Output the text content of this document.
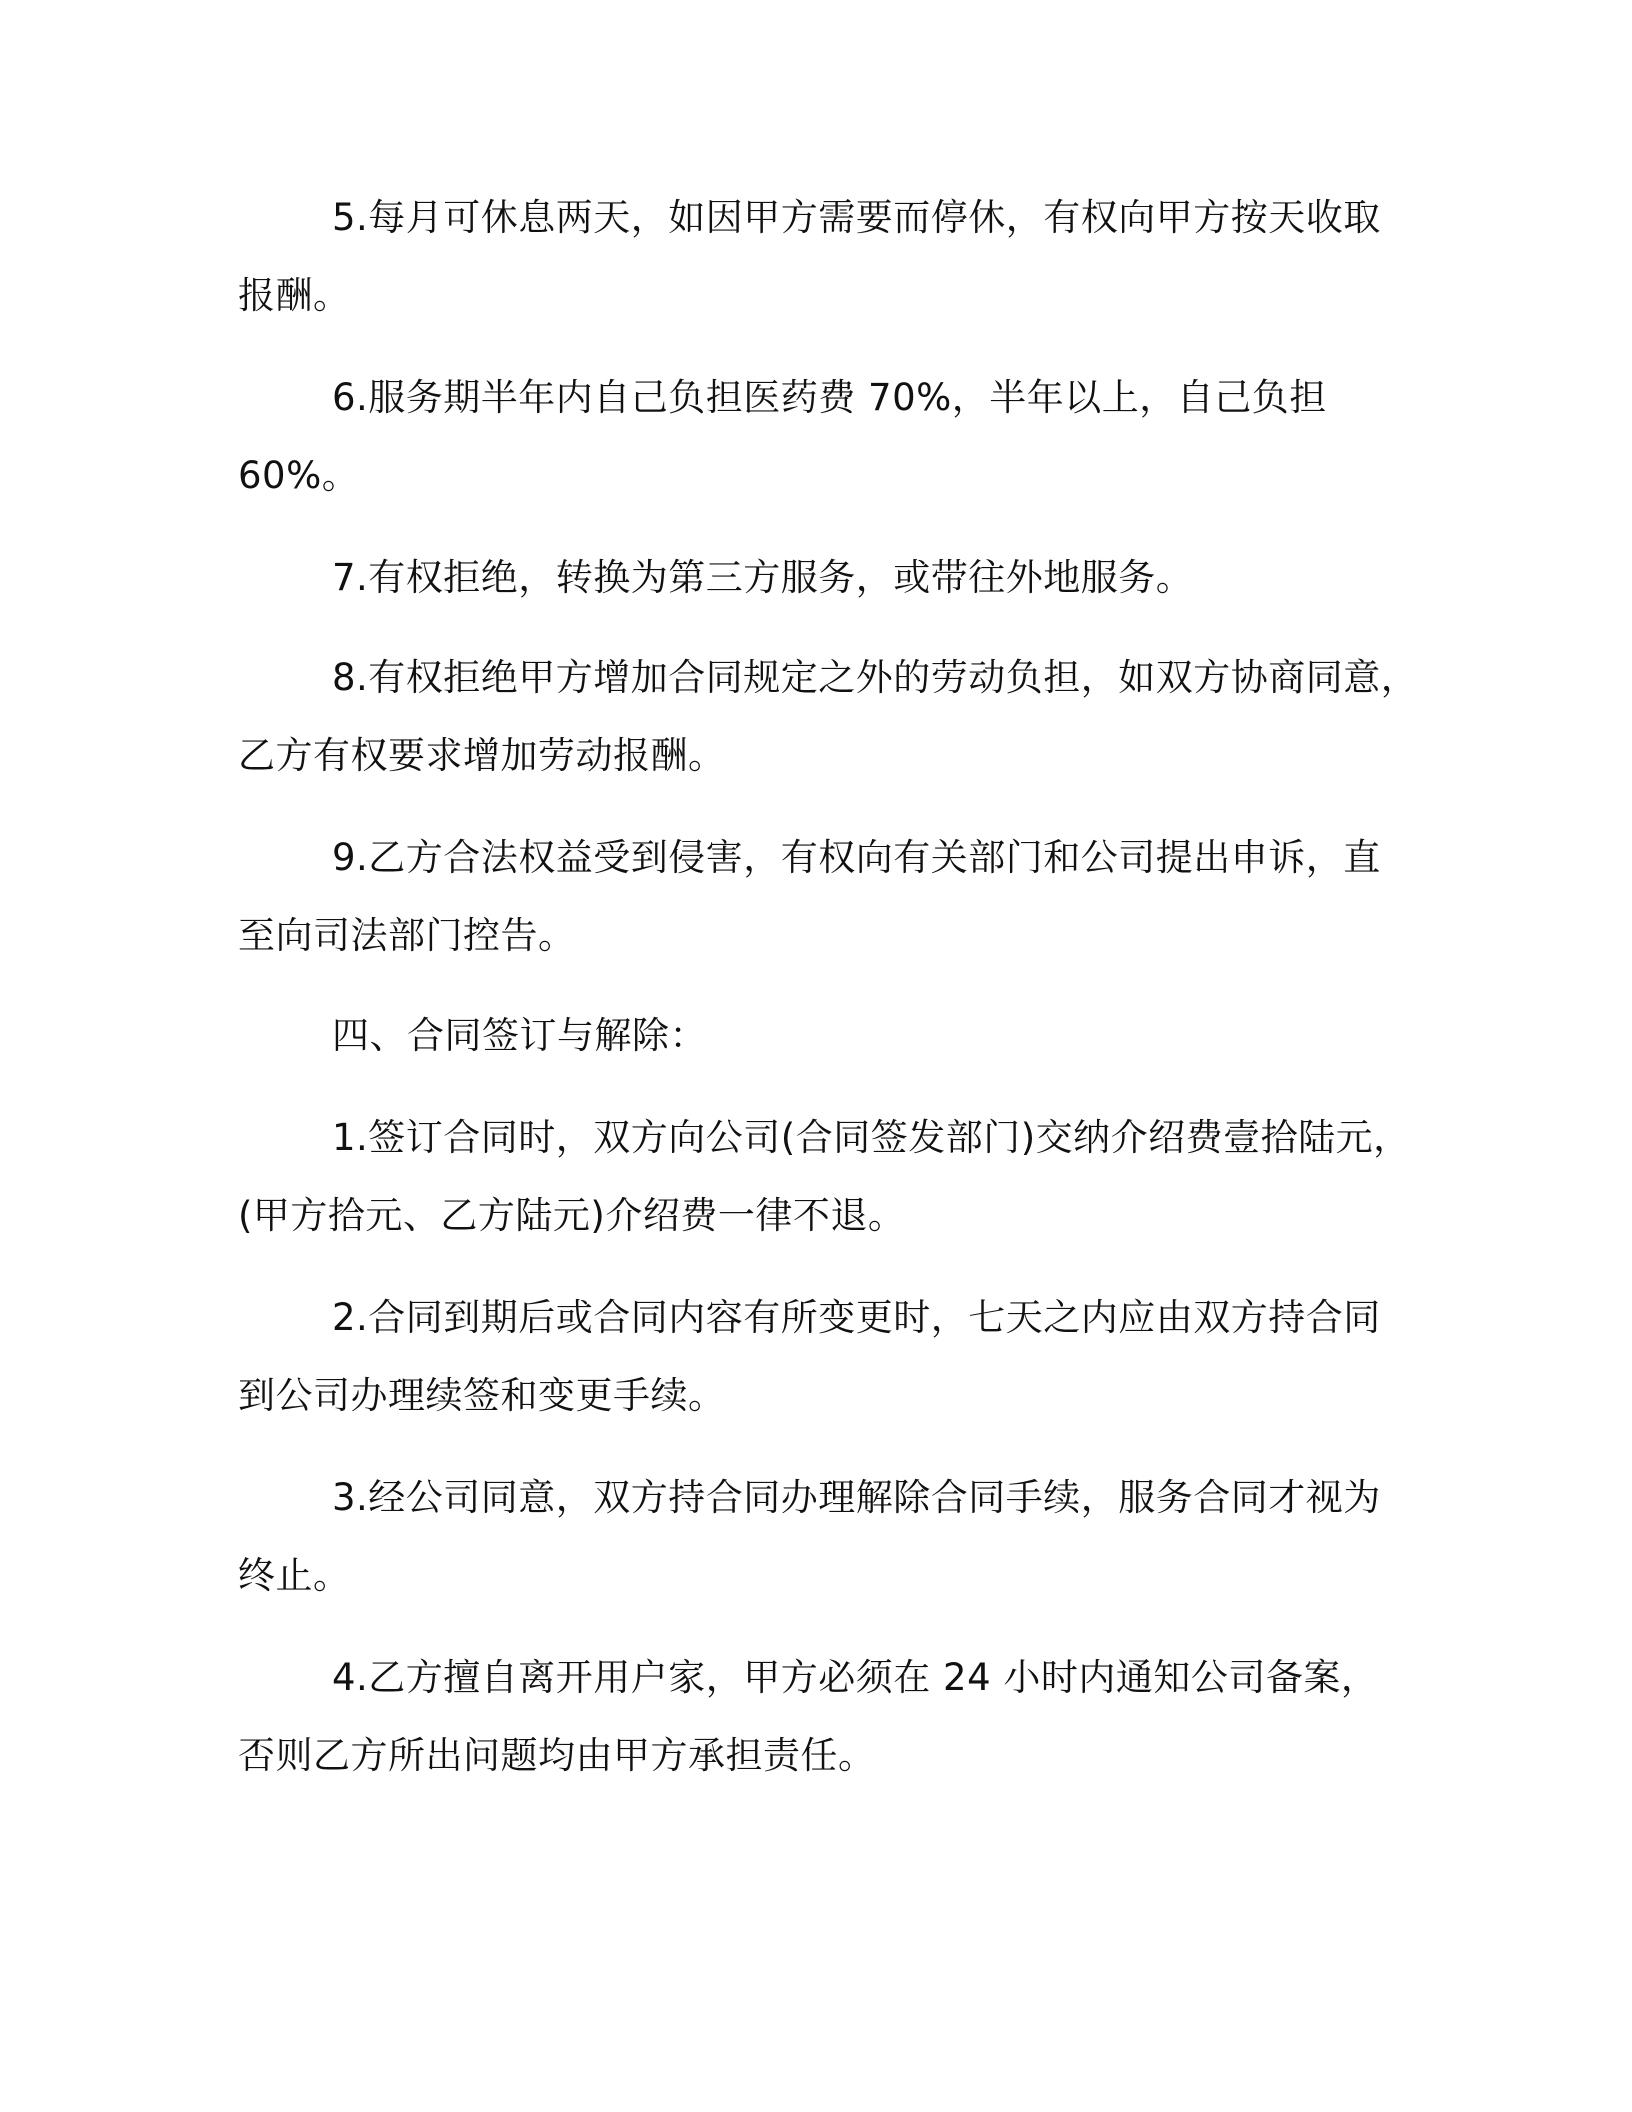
5.每月可休息两天，如因甲方需要而停休，有权向甲方按天收取
报酬。
6.服务期半年内自己负担医药费 70%，半年以上，自己负担
60%。
7.有权拒绝，转换为第三方服务，或带往外地服务。
8.有权拒绝甲方增加合同规定之外的劳动负担，如双方协商同意，
乙方有权要求增加劳动报酬。
9.乙方合法权益受到侵害，有权向有关部门和公司提出申诉，直
至向司法部门控告。
四、合同签订与解除：
1.签订合同时，双方向公司(合同签发部门)交纳介绍费壹拾陆元，
(甲方拾元、乙方陆元)介绍费一律不退。
2.合同到期后或合同内容有所变更时，七天之内应由双方持合同
到公司办理续签和变更手续。
3.经公司同意，双方持合同办理解除合同手续，服务合同才视为
终止。
4.乙方擅自离开用户家，甲方必须在 24 小时内通知公司备案，
否则乙方所出问题均由甲方承担责任。
